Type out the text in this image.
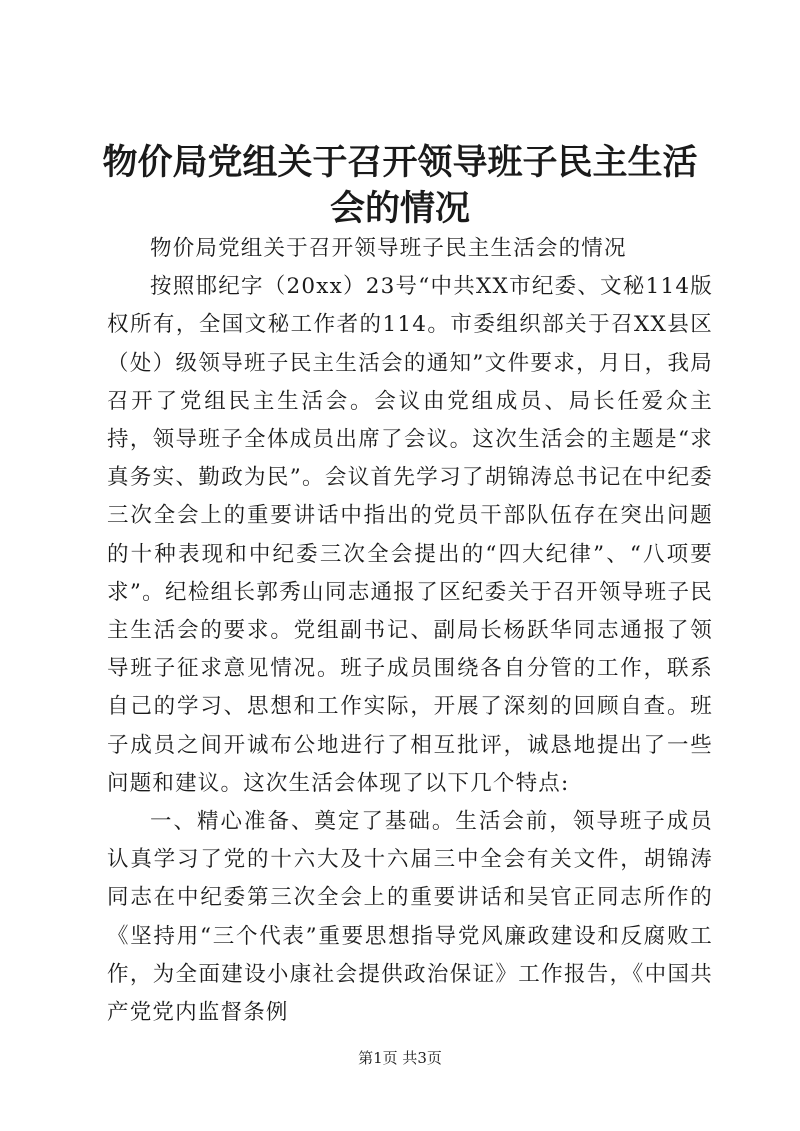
物价局党组关于召开领导班子民主生活会的情况

物价局党组关于召开领导班子民主生活会的情况

按照邯纪字（20xx）23号“中共XX市纪委、文秘114版权所有，全国文秘工作者的114。市委组织部关于召XX县区（处）级领导班子民主生活会的通知”文件要求，月日，我局召开了党组民主生活会。会议由党组成员、局长任爱众主持，领导班子全体成员出席了会议。这次生活会的主题是“求真务实、勤政为民”。会议首先学习了胡锦涛总书记在中纪委三次全会上的重要讲话中指出的党员干部队伍存在突出问题的十种表现和中纪委三次全会提出的“四大纪律”、“八项要求”。纪检组长郭秀山同志通报了区纪委关于召开领导班子民主生活会的要求。党组副书记、副局长杨跃华同志通报了领导班子征求意见情况。班子成员围绕各自分管的工作，联系自己的学习、思想和工作实际，开展了深刻的回顾自查。班子成员之间开诚布公地进行了相互批评，诚恳地提出了一些问题和建议。这次生活会体现了以下几个特点:

一、精心准备、奠定了基础。生活会前，领导班子成员认真学习了党的十六大及十六届三中全会有关文件，胡锦涛同志在中纪委第三次全会上的重要讲话和吴官正同志所作的《坚持用“三个代表”重要思想指导党风廉政建设和反腐败工作，为全面建设小康社会提供政治保证》工作报告，《中国共产党党内监督条例

第1页 共3页
